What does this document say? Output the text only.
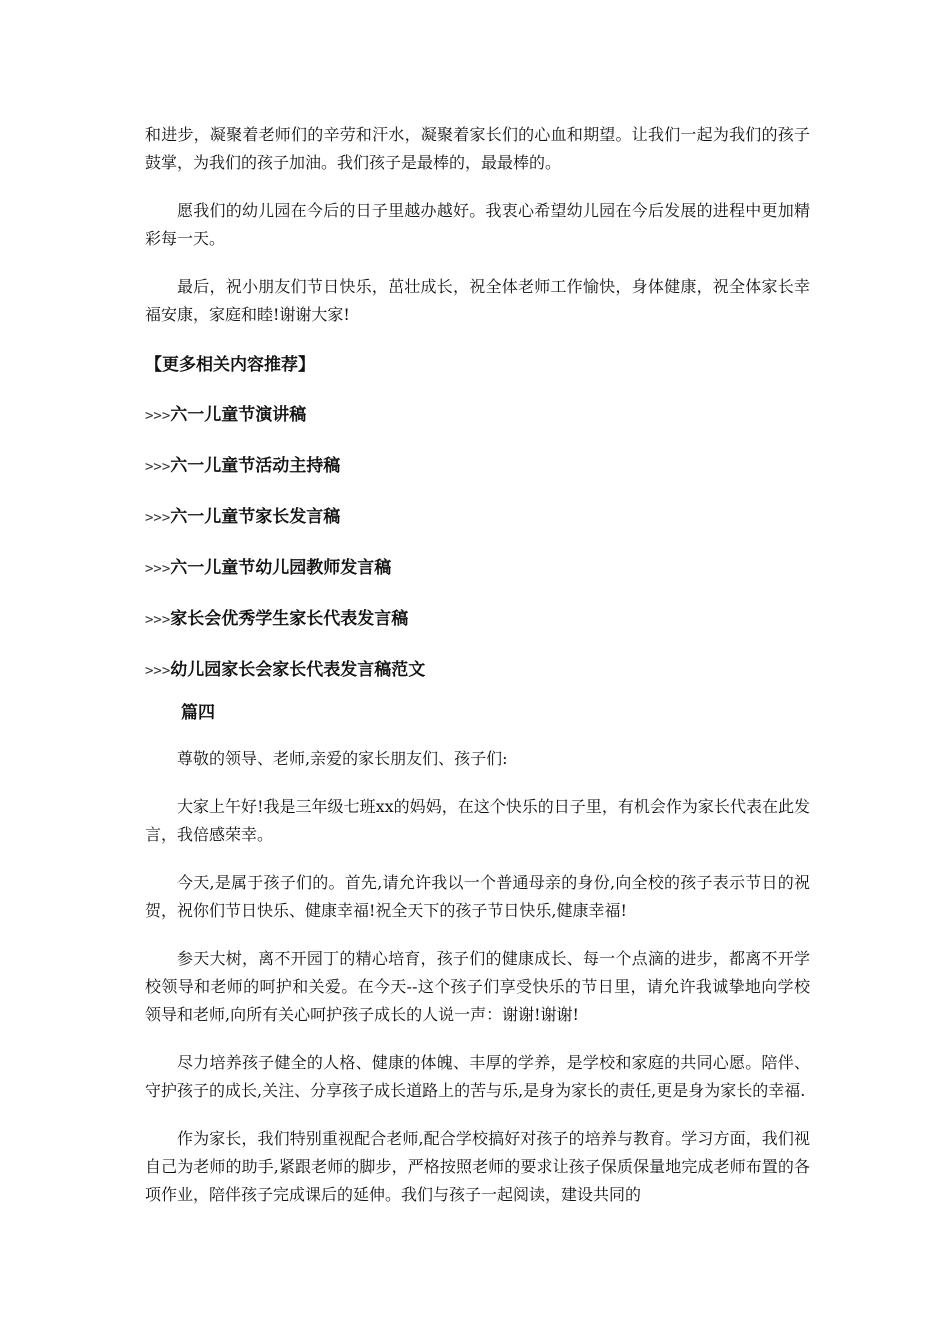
和进步，凝聚着老师们的辛劳和汗水，凝聚着家长们的心血和期望。让我们一起为我们的孩子鼓掌，为我们的孩子加油。我们孩子是最棒的，最最棒的。

愿我们的幼儿园在今后的日子里越办越好。我衷心希望幼儿园在今后发展的进程中更加精彩每一天。

最后，祝小朋友们节日快乐，茁壮成长，祝全体老师工作愉快，身体健康，祝全体家长幸福安康，家庭和睦!谢谢大家!

【更多相关内容推荐】

>>>六一儿童节演讲稿

>>>六一儿童节活动主持稿

>>>六一儿童节家长发言稿

>>>六一儿童节幼儿园教师发言稿

>>>家长会优秀学生家长代表发言稿

>>>幼儿园家长会家长代表发言稿范文

篇四

尊敬的领导、老师,亲爱的家长朋友们、孩子们:

大家上午好!我是三年级七班xx的妈妈，在这个快乐的日子里，有机会作为家长代表在此发言，我倍感荣幸。

今天,是属于孩子们的。首先,请允许我以一个普通母亲的身份,向全校的孩子表示节日的祝贺，祝你们节日快乐、健康幸福!祝全天下的孩子节日快乐,健康幸福!

参天大树，离不开园丁的精心培育，孩子们的健康成长、每一个点滴的进步，都离不开学校领导和老师的呵护和关爱。在今天--这个孩子们享受快乐的节日里，请允许我诚挚地向学校领导和老师,向所有关心呵护孩子成长的人说一声：谢谢!谢谢!

尽力培养孩子健全的人格、健康的体魄、丰厚的学养，是学校和家庭的共同心愿。陪伴、守护孩子的成长,关注、分享孩子成长道路上的苦与乐,是身为家长的责任,更是身为家长的幸福.

作为家长，我们特别重视配合老师,配合学校搞好对孩子的培养与教育。学习方面，我们视自己为老师的助手,紧跟老师的脚步，严格按照老师的要求让孩子保质保量地完成老师布置的各项作业，陪伴孩子完成课后的延伸。我们与孩子一起阅读，建设共同的
